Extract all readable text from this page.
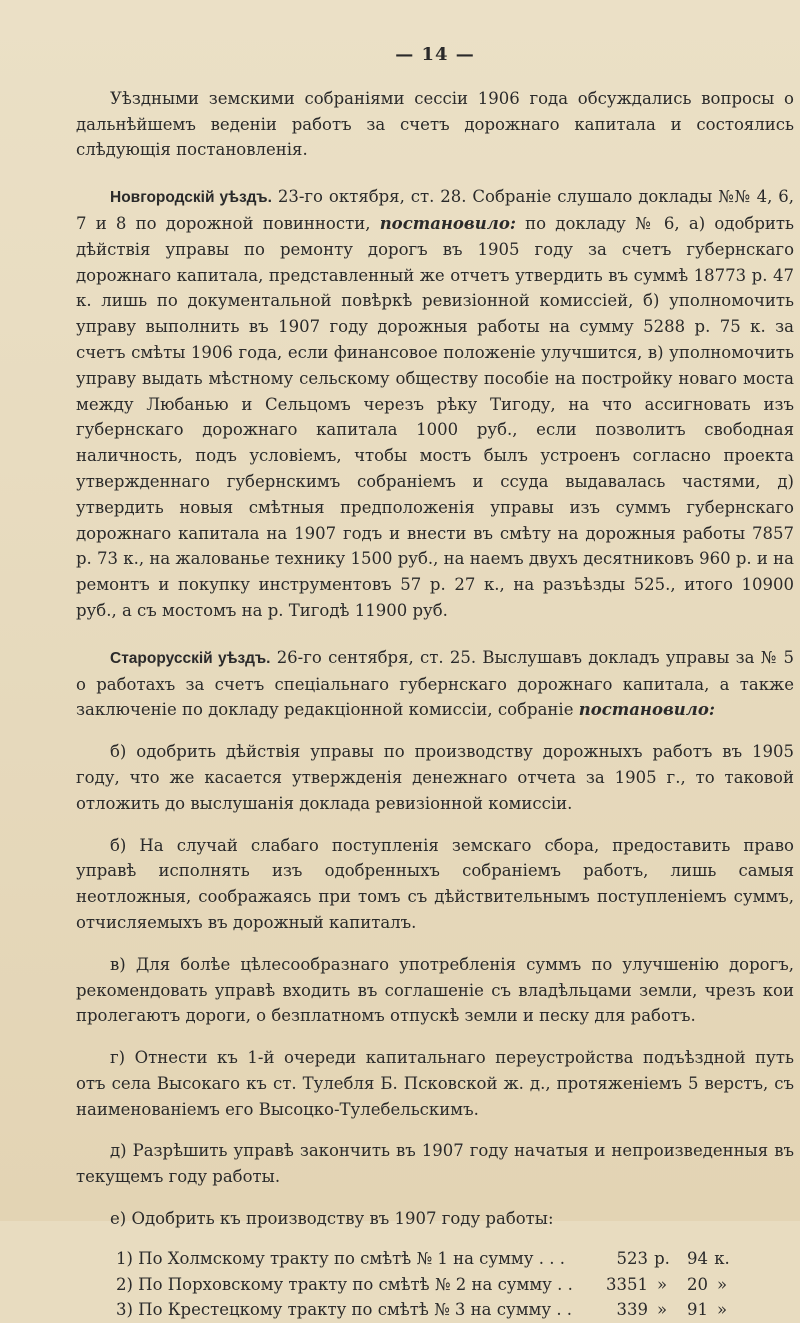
— 14 —

Уѣздными земскими собраніями сессіи 1906 года обсуждались вопросы о дальнѣйшемъ веденіи работъ за счетъ дорожнаго капитала и состоялись слѣдующія постановленія.

Новгородскій уѣздъ. 23-го октября, ст. 28. Собраніе слушало доклады №№ 4, 6, 7 и 8 по дорожной повинности, постановило: по докладу № 6, а) одобрить дѣйствія управы по ремонту дорогъ въ 1905 году за счетъ губернскаго дорожнаго капитала, представленный же отчетъ утвердить въ суммѣ 18773 р. 47 к. лишь по документальной повѣркѣ ревизіонной комиссіей, б) уполномочить управу выполнить въ 1907 году дорожныя работы на сумму 5288 р. 75 к. за счетъ смѣты 1906 года, если финансовое положеніе улучшится, в) уполномочить управу выдать мѣстному сельскому обществу пособіе на постройку новаго моста между Любанью и Сельцомъ черезъ рѣку Тигоду, на что ассигновать изъ губернскаго дорожнаго капитала 1000 руб., если позволитъ свободная наличность, подъ условіемъ, чтобы мостъ былъ устроенъ согласно проекта утвержденнаго губернскимъ собраніемъ и ссуда выдавалась частями, д) утвердить новыя смѣтныя предположенія управы изъ суммъ губернскаго дорожнаго капитала на 1907 годъ и внести въ смѣту на дорожныя работы 7857 р. 73 к., на жалованье технику 1500 руб., на наемъ двухъ десятниковъ 960 р. и на ремонтъ и покупку инструментовъ 57 р. 27 к., на разъѣзды 525., итого 10900 руб., а съ мостомъ на р. Тигодѣ 11900 руб.

Старорусскій уѣздъ. 26-го сентября, ст. 25. Выслушавъ докладъ управы за № 5 о работахъ за счетъ спеціальнаго губернскаго дорожнаго капитала, а также заключеніе по докладу редакціонной комиссіи, собраніе постановило:

б) одобрить дѣйствія управы по производству дорожныхъ работъ въ 1905 году, что же касается утвержденія денежнаго отчета за 1905 г., то таковой отложить до выслушанія доклада ревизіонной комиссіи.

б) На случай слабаго поступленія земскаго сбора, предоставить право управѣ исполнять изъ одобренныхъ собраніемъ работъ, лишь самыя неотложныя, соображаясь при томъ съ дѣйствительнымъ поступленіемъ суммъ, отчисляемыхъ въ дорожный капиталъ.

в) Для болѣе цѣлесообразнаго употребленія суммъ по улучшенію дорогъ, рекомендовать управѣ входить въ соглашеніе съ владѣльцами земли, чрезъ кои пролегаютъ дороги, о безплатномъ отпускѣ земли и песку для работъ.

г) Отнести къ 1-й очереди капитальнаго переустройства подъѣздной путь отъ села Высокаго къ ст. Тулебля Б. Псковской ж. д., протяженіемъ 5 верстъ, съ наименованіемъ его Высоцко-Тулебельскимъ.

д) Разрѣшить управѣ закончить въ 1907 году начатыя и непроизведенныя въ текущемъ году работы.

е) Одобрить къ производству въ 1907 году работы:

1) По Холмскому тракту по смѣтѣ № 1 на сумму . . .	523 р.	94 к.
2) По Порховскому тракту по смѣтѣ № 2 на сумму . .	3351 »	20 »
3) По Крестецкому тракту по смѣтѣ № 3 на сумму . .	339 »	91 »
